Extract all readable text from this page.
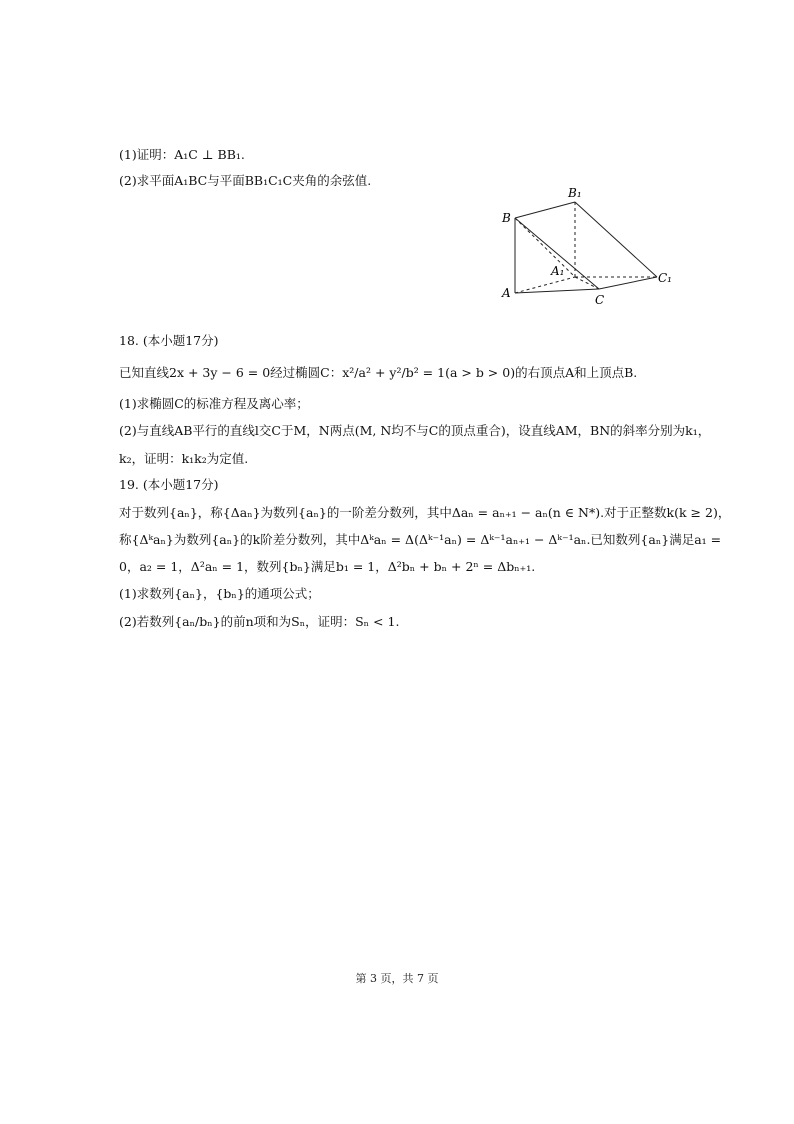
(1)证明：A₁C ⊥ BB₁.
(2)求平面A₁BC与平面BB₁C₁C夹角的余弦值.
B
B₁
A₁	C₁
A	C
18. (本小题17分)
已知直线2x + 3y − 6 = 0经过椭圆C：x²/a² + y²/b² = 1(a > b > 0)的右顶点A和上顶点B.
(1)求椭圆C的标准方程及离心率；
(2)与直线AB平行的直线l交C于M，N两点(M, N均不与C的顶点重合)，设直线AM，BN的斜率分别为k₁，
k₂，证明：k₁k₂为定值.
19. (本小题17分)
对于数列{aₙ}，称{Δaₙ}为数列{aₙ}的一阶差分数列，其中Δaₙ = aₙ₊₁ − aₙ(n ∈ N*).对于正整数k(k ≥ 2)，
称{Δᵏaₙ}为数列{aₙ}的k阶差分数列，其中Δᵏaₙ = Δ(Δᵏ⁻¹aₙ) = Δᵏ⁻¹aₙ₊₁ − Δᵏ⁻¹aₙ.已知数列{aₙ}满足a₁ =
0，a₂ = 1，Δ²aₙ = 1，数列{bₙ}满足b₁ = 1，Δ²bₙ + bₙ + 2ⁿ = Δbₙ₊₁.
(1)求数列{aₙ}，{bₙ}的通项公式；
(2)若数列{aₙ/bₙ}的前n项和为Sₙ，证明：Sₙ < 1.
第 3 页，共 7 页
